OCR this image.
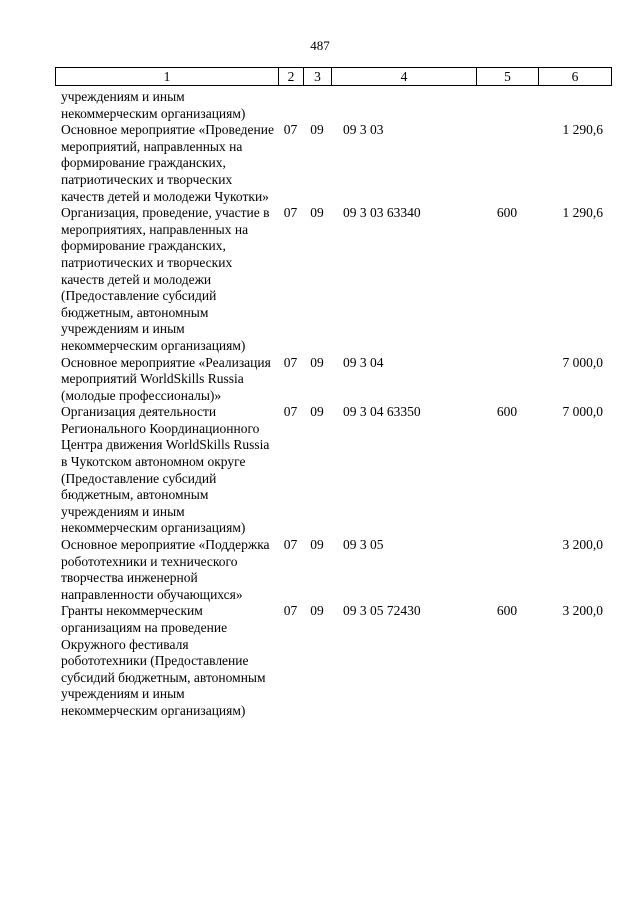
487
1	2	3	4	5	6
учреждениям и иным некоммерческим организациям)					
Основное мероприятие «Проведение мероприятий, направленных на формирование гражданских, патриотических и творческих качеств детей и молодежи Чукотки»	07	09	09 3 03		1 290,6
Организация, проведение, участие в мероприятиях, направленных на формирование гражданских, патриотических и творческих качеств детей и молодежи (Предоставление субсидий бюджетным, автономным учреждениям и иным некоммерческим организациям)	07	09	09 3 03 63340	600	1 290,6
Основное мероприятие «Реализация мероприятий WorldSkills Russia (молодые профессионалы)»	07	09	09 3 04		7 000,0
Организация деятельности Регионального Координационного Центра движения WorldSkills Russia в Чукотском автономном округе (Предоставление субсидий бюджетным, автономным учреждениям и иным некоммерческим организациям)	07	09	09 3 04 63350	600	7 000,0
Основное мероприятие «Поддержка робототехники и технического творчества инженерной направленности обучающихся»	07	09	09 3 05		3 200,0
Гранты некоммерческим организациям на проведение Окружного фестиваля робототехники (Предоставление субсидий бюджетным, автономным учреждениям и иным некоммерческим организациям)	07	09	09 3 05 72430	600	3 200,0
